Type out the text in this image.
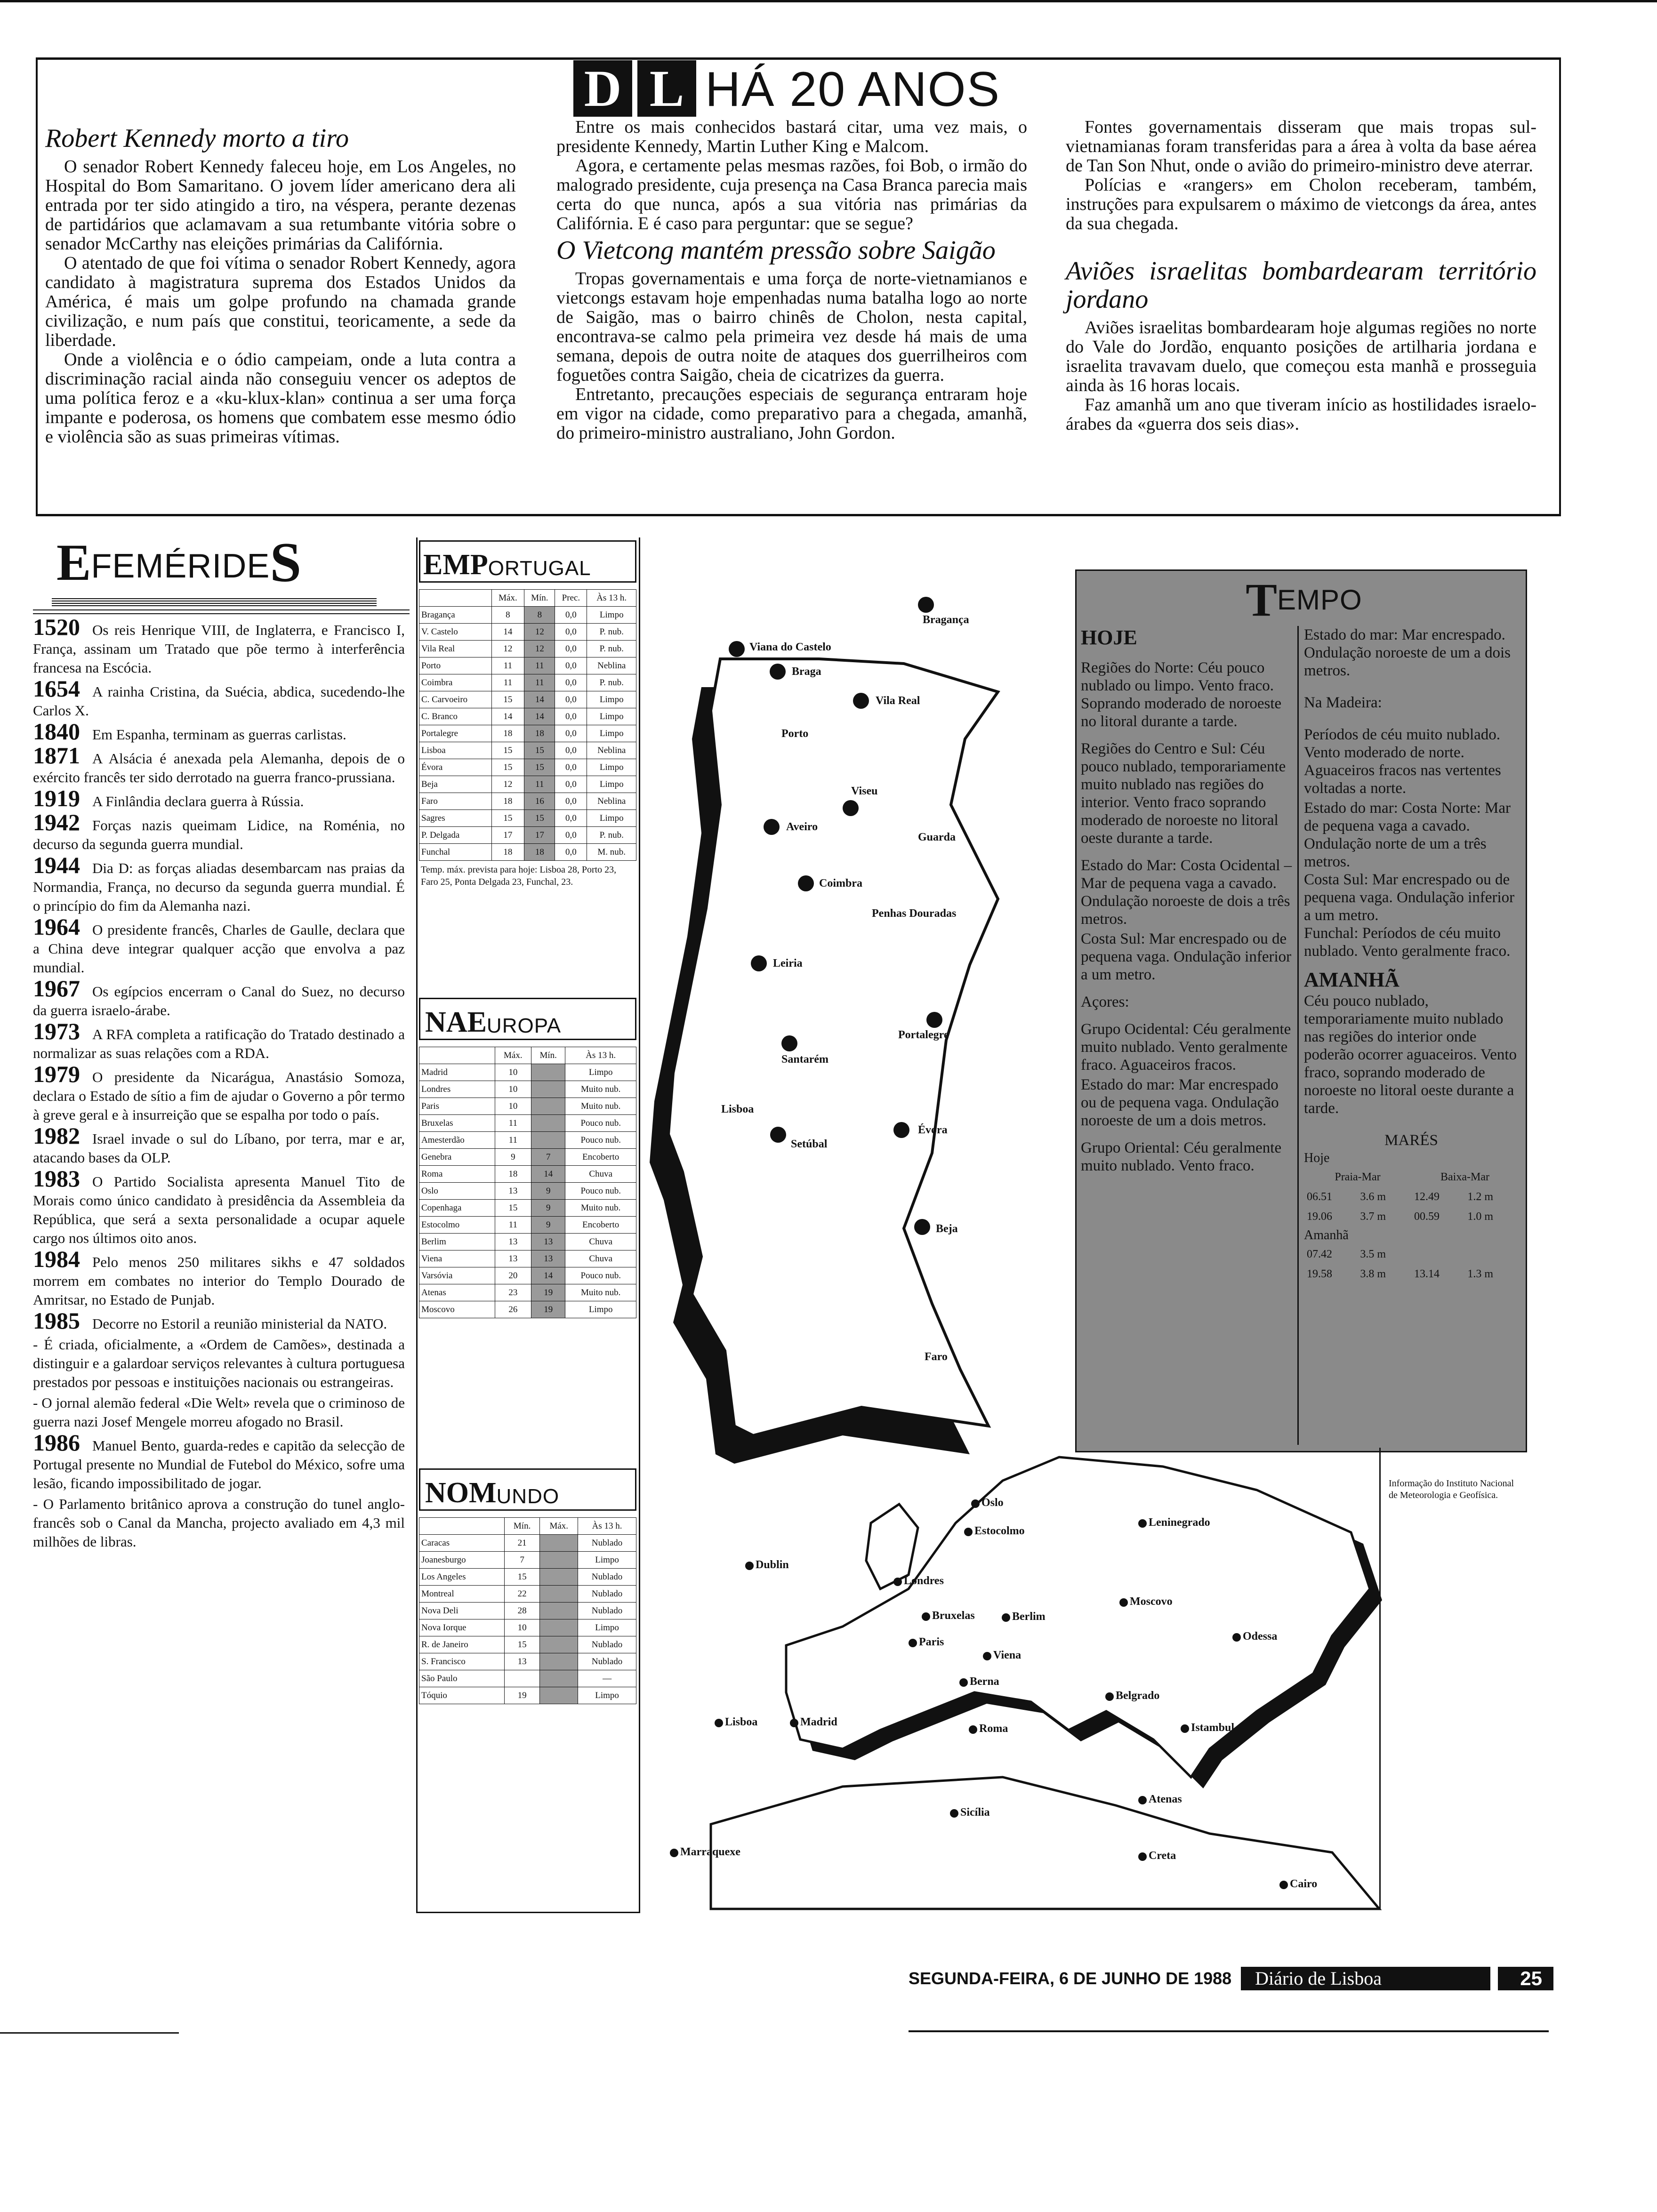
D L HÁ 20 ANOS
Robert Kennedy morto a tiro

O senador Robert Kennedy faleceu hoje, em Los Angeles, no Hospital do Bom Samaritano. O jovem líder americano dera ali entrada por ter sido atingido a tiro, na véspera, perante dezenas de partidários que aclamavam a sua retumbante vitória sobre o senador McCarthy nas eleições primárias da Califórnia.

O atentado de que foi vítima o senador Robert Kennedy, agora candidato à magistratura suprema dos Estados Unidos da América, é mais um golpe profundo na chamada grande civilização, e num país que constitui, teoricamente, a sede da liberdade.

Onde a violência e o ódio campeiam, onde a luta contra a discriminação racial ainda não conseguiu vencer os adeptos de uma política feroz e a «ku-klux-klan» continua a ser uma força impante e poderosa, os homens que combatem esse mesmo ódio e violência são as suas primeiras vítimas.

Entre os mais conhecidos bastará citar, uma vez mais, o presidente Kennedy, Martin Luther King e Malcom.

Agora, e certamente pelas mesmas razões, foi Bob, o irmão do malogrado presidente, cuja presença na Casa Branca parecia mais certa do que nunca, após a sua vitória nas primárias da Califórnia. E é caso para perguntar: que se segue?

O Vietcong mantém pressão sobre Saigão

Tropas governamentais e uma força de norte-vietnamianos e vietcongs estavam hoje empenhadas numa batalha logo ao norte de Saigão, mas o bairro chinês de Cholon, nesta capital, encontrava-se calmo pela primeira vez desde há mais de uma semana, depois de outra noite de ataques dos guerrilheiros com foguetões contra Saigão, cheia de cicatrizes da guerra.

Entretanto, precauções especiais de segurança entraram hoje em vigor na cidade, como preparativo para a chegada, amanhã, do primeiro-ministro australiano, John Gordon.

Fontes governamentais disseram que mais tropas sul-vietnamianas foram transferidas para a área à volta da base aérea de Tan Son Nhut, onde o avião do primeiro-ministro deve aterrar.

Polícias e «rangers» em Cholon receberam, também, instruções para expulsarem o máximo de vietcongs da área, antes da sua chegada.

Aviões israelitas bombardearam território jordano

Aviões israelitas bombardearam hoje algumas regiões no norte do Vale do Jordão, enquanto posições de artilharia jordana e israelita travavam duelo, que começou esta manhã e prosseguia ainda às 16 horas locais.

Faz amanhã um ano que tiveram início as hostilidades israelo-árabes da «guerra dos seis dias».

E FEMÉRIDE S
1520 Os reis Henrique VIII, de Inglaterra, e Francisco I, França, assinam um Tratado que põe termo à interferência francesa na Escócia.
1654 A rainha Cristina, da Suécia, abdica, sucedendo-lhe Carlos X.
1840 Em Espanha, terminam as guerras carlistas.
1871 A Alsácia é anexada pela Alemanha, depois de o exército francês ter sido derrotado na guerra franco-prussiana.
1919 A Finlândia declara guerra à Rússia.
1942 Forças nazis queimam Lidice, na Roménia, no decurso da segunda guerra mundial.
1944 Dia D: as forças aliadas desembarcam nas praias da Normandia, França, no decurso da segunda guerra mundial. É o princípio do fim da Alemanha nazi.
1964 O presidente francês, Charles de Gaulle, declara que a China deve integrar qualquer acção que envolva a paz mundial.
1967 Os egípcios encerram o Canal do Suez, no decurso da guerra israelo-árabe.
1973 A RFA completa a ratificação do Tratado destinado a normalizar as suas relações com a RDA.
1979 O presidente da Nicarágua, Anastásio Somoza, declara o Estado de sítio a fim de ajudar o Governo a pôr termo à greve geral e à insurreição que se espalha por todo o país.
1982 Israel invade o sul do Líbano, por terra, mar e ar, atacando bases da OLP.
1983 O Partido Socialista apresenta Manuel Tito de Morais como único candidato à presidência da Assembleia da República, que será a sexta personalidade a ocupar aquele cargo nos últimos oito anos.
1984 Pelo menos 250 militares sikhs e 47 soldados morrem em combates no interior do Templo Dourado de Amritsar, no Estado de Punjab.
1985 Decorre no Estoril a reunião ministerial da NATO.
- É criada, oficialmente, a «Ordem de Camões», destinada a distinguir e a galardoar serviços relevantes à cultura portuguesa prestados por pessoas e instituições nacionais ou estrangeiras.
- O jornal alemão federal «Die Welt» revela que o criminoso de guerra nazi Josef Mengele morreu afogado no Brasil.
1986 Manuel Bento, guarda-redes e capitão da selecção de Portugal presente no Mundial de Futebol do México, sofre uma lesão, ficando impossibilitado de jogar.
- O Parlamento britânico aprova a construção do tunel anglo-francês sob o Canal da Mancha, projecto avaliado em 4,3 mil milhões de libras.
EM P ORTUGAL
	Máx.	Mín.	Prec.	Às 13 h.
Bragança	8	8	0,0	Limpo
V. Castelo	14	12	0,0	P. nub.
Vila Real	12	12	0,0	P. nub.
Porto	11	11	0,0	Neblina
Coimbra	11	11	0,0	P. nub.
C. Carvoeiro	15	14	0,0	Limpo
C. Branco	14	14	0,0	Limpo
Portalegre	18	18	0,0	Limpo
Lisboa	15	15	0,0	Neblina
Évora	15	15	0,0	Limpo
Beja	12	11	0,0	Limpo
Faro	18	16	0,0	Neblina
Sagres	15	15	0,0	Limpo
P. Delgada	17	17	0,0	P. nub.
Funchal	18	18	0,0	M. nub.
Temp. máx. prevista para hoje: Lisboa 28, Porto 23, Faro 25, Ponta Delgada 23, Funchal, 23.
NA E UROPA
	Máx.	Mín.	Às 13 h.
Madrid	10		Limpo
Londres	10		Muito nub.
Paris	10		Muito nub.
Bruxelas	11		Pouco nub.
Amesterdão	11		Pouco nub.
Genebra	9	7	Encoberto
Roma	18	14	Chuva
Oslo	13	9	Pouco nub.
Copenhaga	15	9	Muito nub.
Estocolmo	11	9	Encoberto
Berlim	13	13	Chuva
Viena	13	13	Chuva
Varsóvia	20	14	Pouco nub.
Atenas	23	19	Muito nub.
Moscovo	26	19	Limpo
NO M UNDO
	Mín.	Máx.	Às 13 h.
Caracas	21		Nublado
Joanesburgo	7		Limpo
Los Angeles	15		Nublado
Montreal	22		Nublado
Nova Deli	28		Nublado
Nova Iorque	10		Limpo
R. de Janeiro	15		Nublado
S. Francisco	13		Nublado
São Paulo			—
Tóquio	19		Limpo
Viana do Castelo
Bragança
Braga
Vila Real
Porto
Viseu
Aveiro
Guarda
Coimbra
Penhas Douradas
Leiria
Portalegre
Santarém
Lisboa
Setúbal
Évora
Beja
Faro
T EMPO
HOJE
Regiões do Norte: Céu pouco nublado ou limpo. Vento fraco. Soprando moderado de noroeste no litoral durante a tarde.
Regiões do Centro e Sul: Céu pouco nublado, temporariamente muito nublado nas regiões do interior. Vento fraco soprando moderado de noroeste no litoral oeste durante a tarde.
Estado do Mar: Costa Ocidental – Mar de pequena vaga a cavado. Ondulação noroeste de dois a três metros.
Costa Sul: Mar encrespado ou de pequena vaga. Ondulação inferior a um metro.
Açores:
Grupo Ocidental: Céu geralmente muito nublado. Vento geralmente fraco. Aguaceiros fracos.
Estado do mar: Mar encrespado ou de pequena vaga. Ondulação noroeste de um a dois metros.
Grupo Oriental: Céu geralmente muito nublado. Vento fraco.
Estado do mar: Mar encrespado. Ondulação noroeste de um a dois metros.
Na Madeira:
Períodos de céu muito nublado. Vento moderado de norte. Aguaceiros fracos nas vertentes voltadas a norte.
Estado do mar: Costa Norte: Mar de pequena vaga a cavado. Ondulação norte de um a três metros.
Costa Sul: Mar encrespado ou de pequena vaga. Ondulação inferior a um metro.
Funchal: Períodos de céu muito nublado. Vento geralmente fraco.
AMANHÃ
Céu pouco nublado, temporariamente muito nublado nas regiões do interior onde poderão ocorrer aguaceiros. Vento fraco, soprando moderado de noroeste no litoral oeste durante a tarde.
MARÉS
Hoje
Praia-Mar		Baixa-Mar	
06.51	3.6 m	12.49	1.2 m
19.06	3.7 m	00.59	1.0 m
Amanhã
07.42	3.5 m		
19.58	3.8 m	13.14	1.3 m
Informação do Instituto Nacional de Meteorologia e Geofísica.
Oslo
Estocolmo
Leninegrado
Dublin
Londres
Bruxelas	Berlim
Moscovo
Paris
Viena
Odessa
Berna
Belgrado
Lisboa	Madrid
Roma	Istambul
Atenas
Sicília
Creta
Marraquexe
Cairo
SEGUNDA-FEIRA, 6 DE JUNHO DE 1988	Diário de Lisboa	25
